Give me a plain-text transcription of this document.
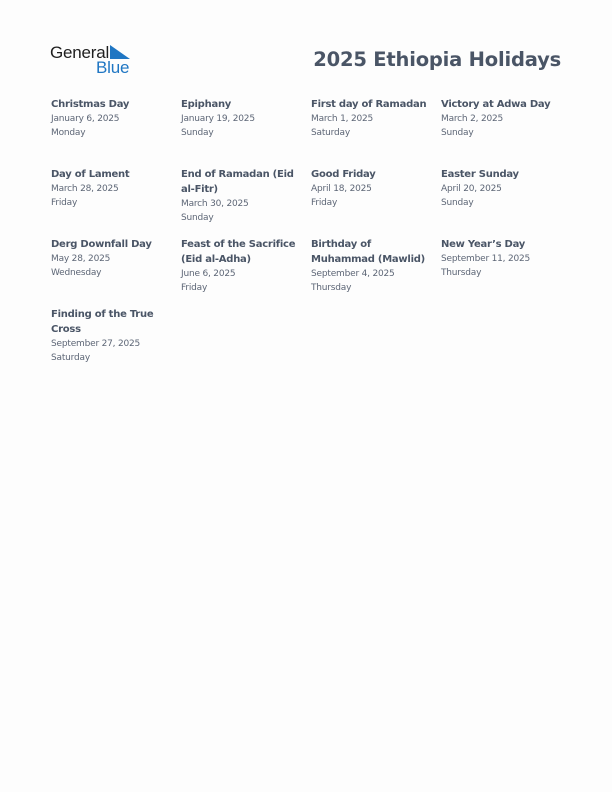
General
Blue	2025 Ethiopia Holidays
Christmas Day
January 6, 2025
Monday
Epiphany
January 19, 2025
Sunday
First day of Ramadan
March 1, 2025
Saturday
Victory at Adwa Day
March 2, 2025
Sunday
Day of Lament
March 28, 2025
Friday
End of Ramadan (Eid al-Fitr)
March 30, 2025
Sunday
Good Friday
April 18, 2025
Friday
Easter Sunday
April 20, 2025
Sunday
Derg Downfall Day
May 28, 2025
Wednesday
Feast of the Sacrifice (Eid al-Adha)
June 6, 2025
Friday
Birthday of Muhammad (Mawlid)
September 4, 2025
Thursday
New Year’s Day
September 11, 2025
Thursday
Finding of the True Cross
September 27, 2025
Saturday
